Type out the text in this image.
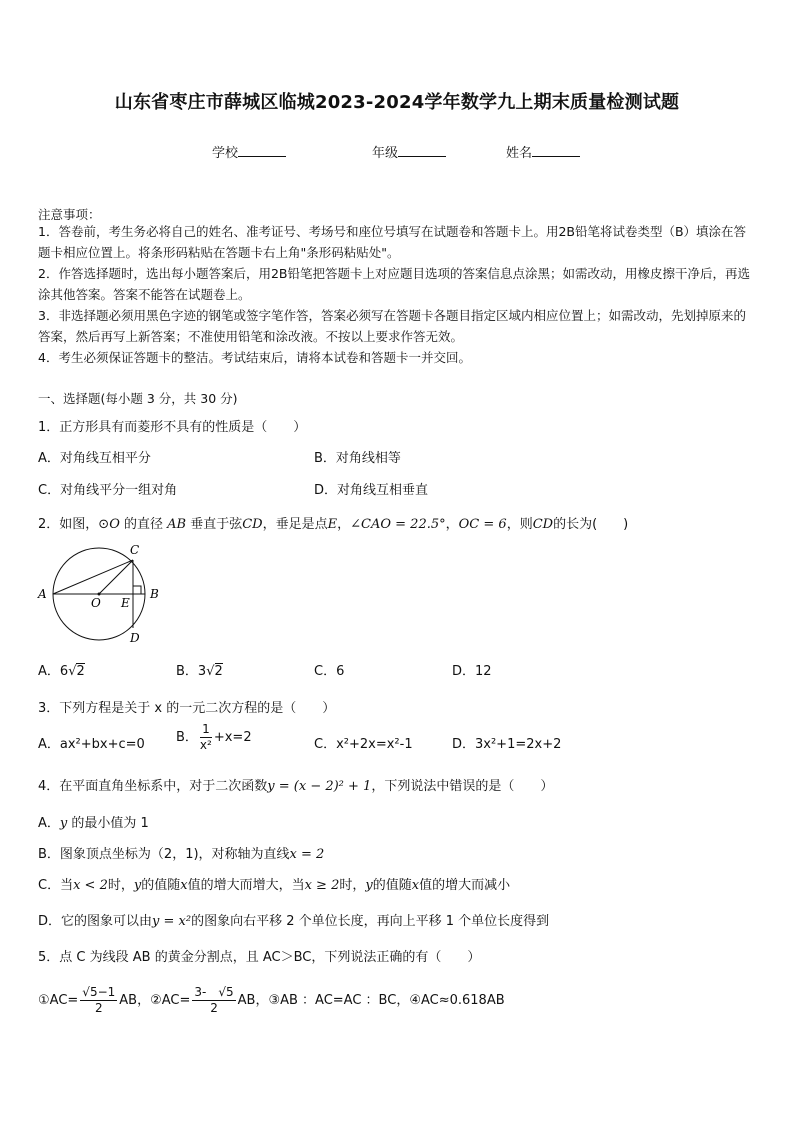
山东省枣庄市薛城区临城2023-2024学年数学九上期末质量检测试题
学校	年级	姓名
注意事项：
1．答卷前，考生务必将自己的姓名、准考证号、考场号和座位号填写在试题卷和答题卡上。用2B铅笔将试卷类型（B）填涂在答题卡相应位置上。将条形码粘贴在答题卡右上角"条形码粘贴处"。
2．作答选择题时，选出每小题答案后，用2B铅笔把答题卡上对应题目选项的答案信息点涂黑；如需改动，用橡皮擦干净后，再选涂其他答案。答案不能答在试题卷上。
3．非选择题必须用黑色字迹的钢笔或签字笔作答，答案必须写在答题卡各题目指定区域内相应位置上；如需改动，先划掉原来的答案，然后再写上新答案；不准使用铅笔和涂改液。不按以上要求作答无效。
4．考生必须保证答题卡的整洁。考试结束后，请将本试卷和答题卡一并交回。
一、选择题(每小题 3 分，共 30 分)
1．正方形具有而菱形不具有的性质是（　　）
A．对角线互相平分	B．对角线相等
C．对角线平分一组对角	D．对角线互相垂直
2．如图，⊙O 的直径 AB 垂直于弦CD，垂足是点E，∠CAO = 22.5°，OC = 6，则CD的长为(　　)
A	B
C
D
O E
A．6√2	B．3√2	C．6	D．12
3．下列方程是关于 x 的一元二次方程的是（　　）
A．ax²+bx+c=0 B． $\frac{1}{\text{x²}} +x=2$	C．x²+2x=x²-1	D．3x²+1=2x+2
4．在平面直角坐标系中，对于二次函数y = (x − 2)² + 1，下列说法中错误的是（　　）
A．y 的最小值为 1
B．图象顶点坐标为（2，1)，对称轴为直线x = 2
C．当x < 2时，y的值随x值的增大而增大，当x ≥ 2时，y的值随x值的增大而减小
D．它的图象可以由y = x²的图象向右平移 2 个单位长度，再向上平移 1 个单位长度得到
5．点 C 为线段 AB 的黄金分割点，且 AC＞BC，下列说法正确的有（　　）
①AC= $\frac{√5-1}{2}$ AB，②AC= $\frac{3- √5}{2}$ AB，③AB ：AC=AC ：BC，④AC≈0.618AB
